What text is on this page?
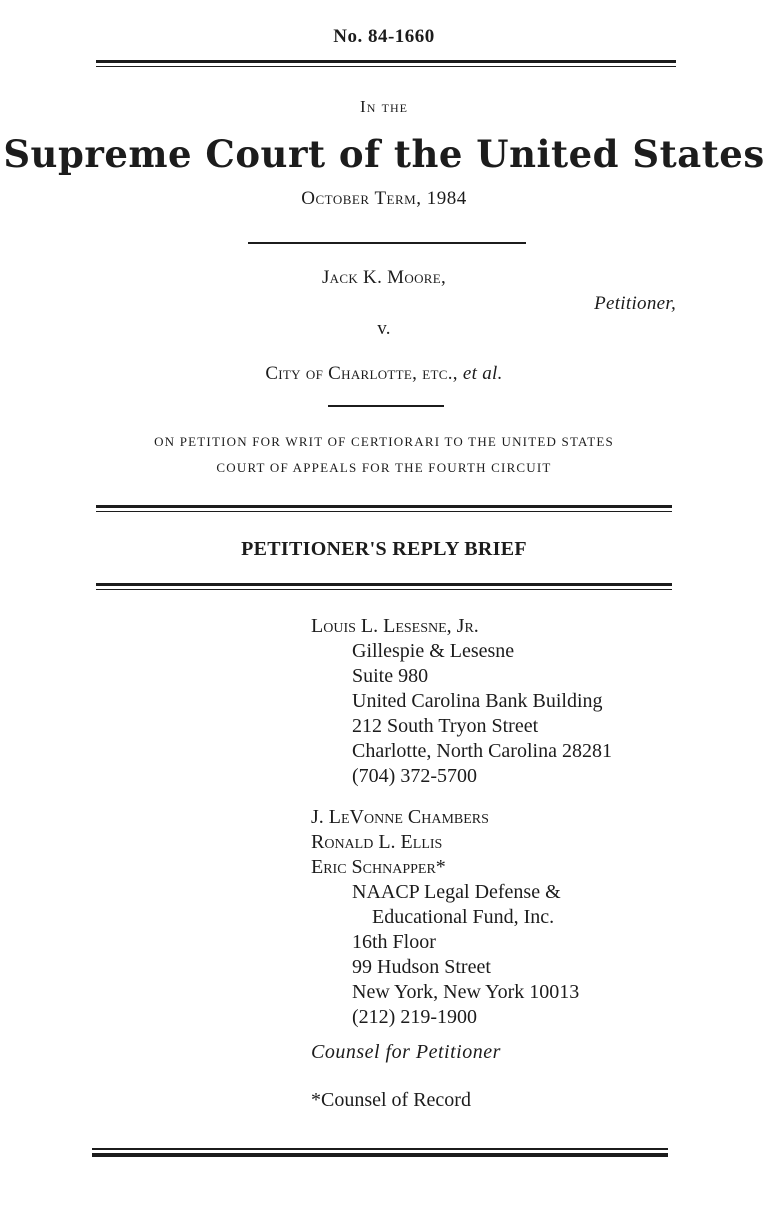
No. 84-1660
In the
Supreme Court of the United States
October Term, 1984
Jack K. Moore,
Petitioner,
v.
City of Charlotte, etc., et al.
ON PETITION FOR WRIT OF CERTIORARI TO THE UNITED STATES
COURT OF APPEALS FOR THE FOURTH CIRCUIT
PETITIONER'S REPLY BRIEF
Louis L. Lesesne, Jr.
Gillespie & Lesesne
Suite 980
United Carolina Bank Building
212 South Tryon Street
Charlotte, North Carolina 28281
(704) 372-5700
J. LeVonne Chambers
Ronald L. Ellis
Eric Schnapper*
NAACP Legal Defense &
Educational Fund, Inc.
16th Floor
99 Hudson Street
New York, New York 10013
(212) 219-1900
Counsel for Petitioner
*Counsel of Record
